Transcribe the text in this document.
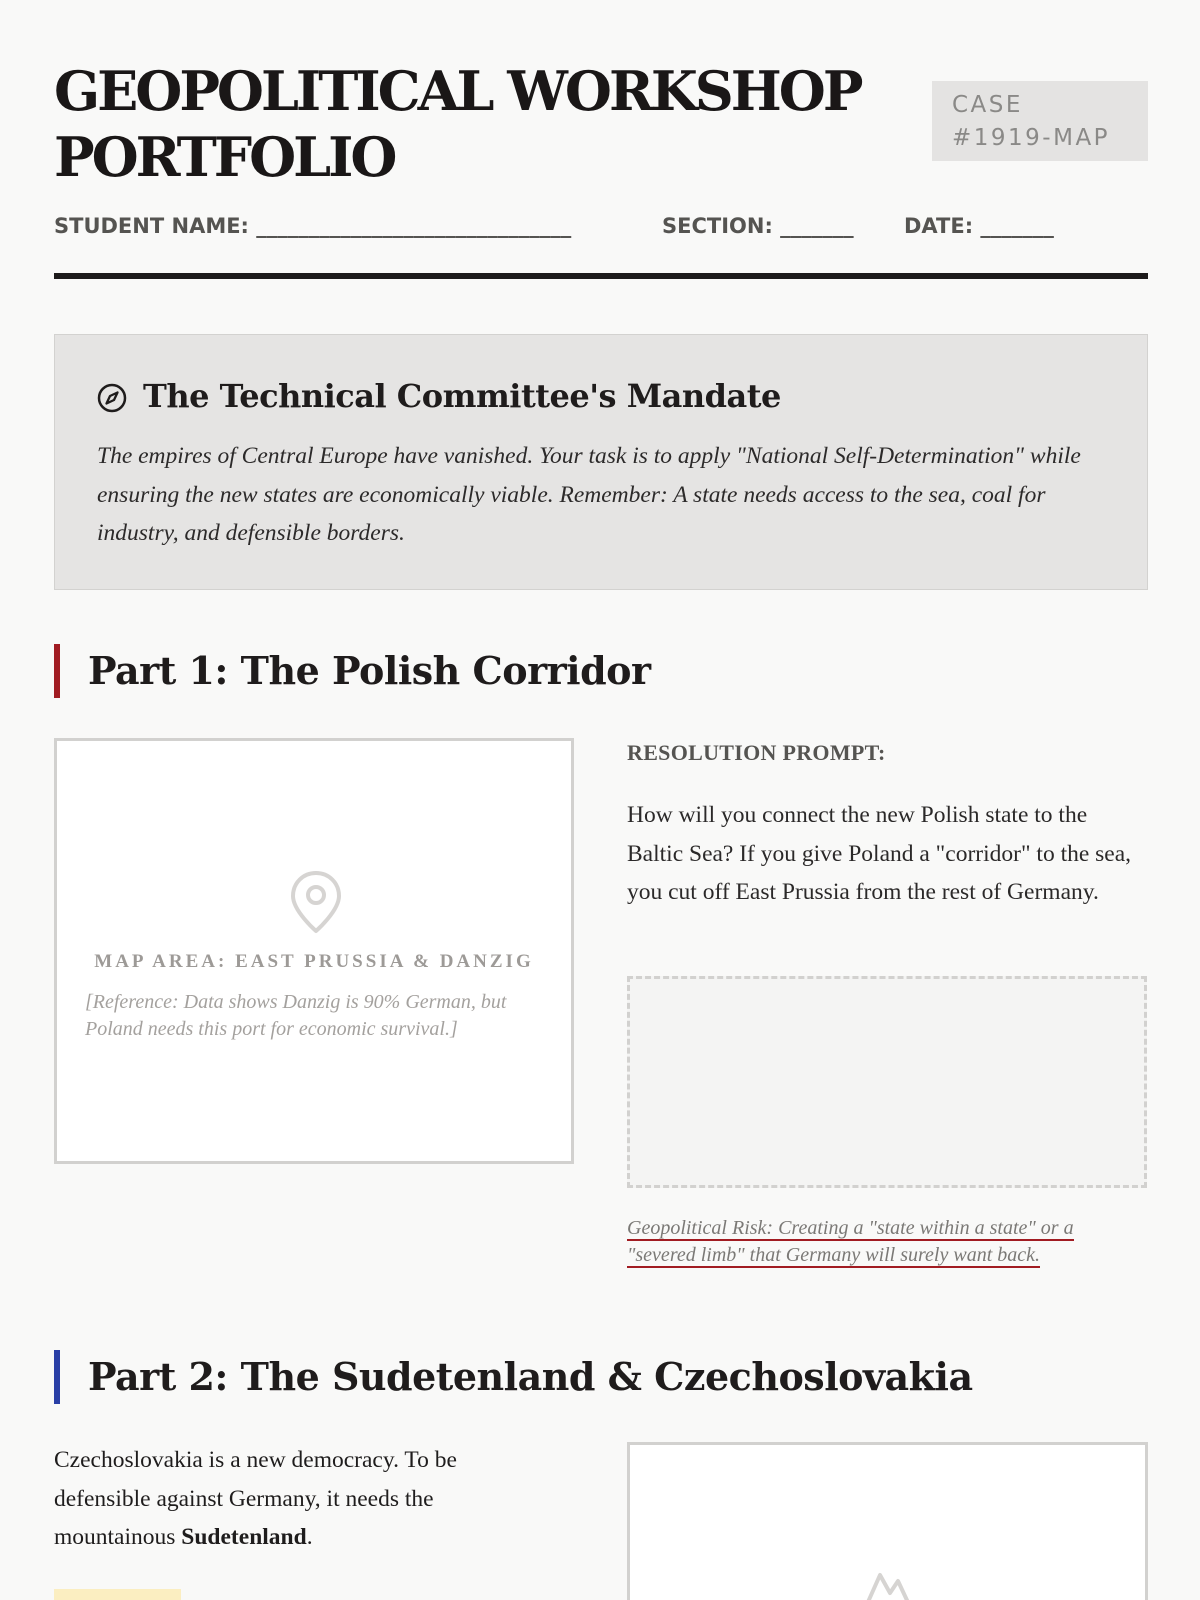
GEOPOLITICAL WORKSHOP PORTFOLIO
CASE #1919-MAP
STUDENT NAME: ______________________________	SECTION: _______ DATE: _______
The Technical Committee's Mandate

The empires of Central Europe have vanished. Your task is to apply "National Self-Determination" while ensuring the new states are economically viable. Remember: A state needs access to the sea, coal for industry, and defensible borders.

Part 1: The Polish Corridor
MAP AREA: EAST PRUSSIA & DANZIG
[Reference: Data shows Danzig is 90% German, but Poland needs this port for economic survival.]
RESOLUTION PROMPT:

How will you connect the new Polish state to the Baltic Sea? If you give Poland a "corridor" to the sea, you cut off East Prussia from the rest of Germany.

Geopolitical Risk: Creating a "state within a state" or a "severed limb" that Germany will surely want back.

Part 2: The Sudetenland & Czechoslovakia

Czechoslovakia is a new democracy. To be defensible against Germany, it needs the mountainous Sudetenland.
